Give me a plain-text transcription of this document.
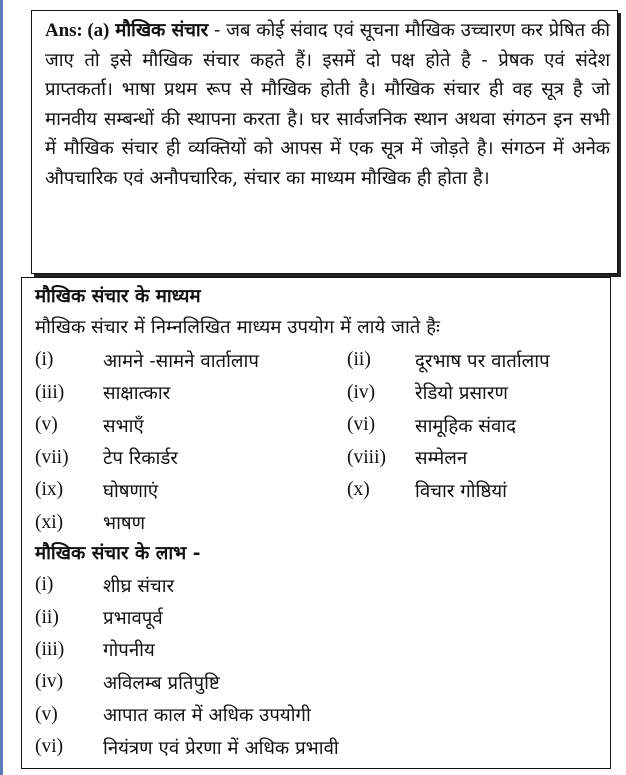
Ans: (a) मौखिक संचार - जब कोई संवाद एवं सूचना मौखिक उच्चारण कर प्रेषित की जाए तो इसे मौखिक संचार कहते हैं। इसमें दो पक्ष होते है - प्रेषक एवं संदेश प्राप्तकर्ता। भाषा प्रथम रूप से मौखिक होती है। मौखिक संचार ही वह सूत्र है जो मानवीय सम्बन्धों की स्थापना करता है। घर सार्वजनिक स्थान अथवा संगठन इन सभी में मौखिक संचार ही व्यक्तियों को आपस में एक सूत्र में जोड़ते है। संगठन में अनेक औपचारिक एवं अनौपचारिक, संचार का माध्यम मौखिक ही होता है।

मौखिक संचार के माध्यम

मौखिक संचार में निम्नलिखित माध्यम उपयोग में लाये जाते हैः

(i)	आमने -सामने वार्तालाप	(ii)	दूरभाष पर वार्तालाप
(iii)	साक्षात्कार	(iv)	रेडियो प्रसारण
(v)	सभाएँ	(vi)	सामूहिक संवाद
(vii)	टेप रिकार्डर	(viii)	सम्मेलन
(ix)	घोषणाएं	(x)	विचार गोष्ठियां
(xi)	भाषण

मौखिक संचार के लाभ -

(i)	शीघ्र संचार
(ii)	प्रभावपूर्व
(iii)	गोपनीय
(iv)	अविलम्ब प्रतिपुष्टि
(v)	आपात काल में अधिक उपयोगी
(vi)	नियंत्रण एवं प्रेरणा में अधिक प्रभावी
